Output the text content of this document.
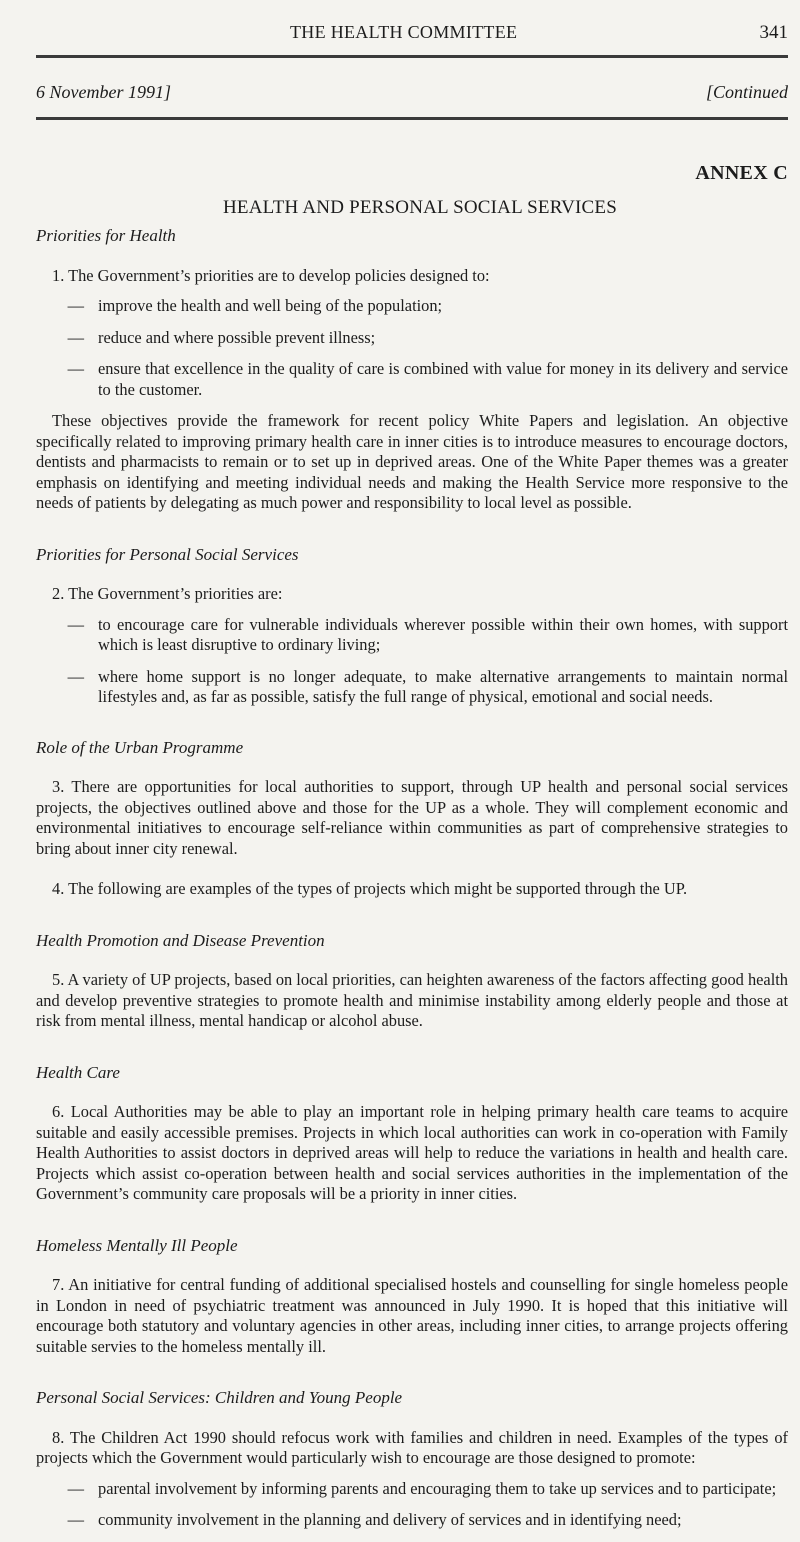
THE HEALTH COMMITTEE	341
6 November 1991]	[Continued
ANNEX C
HEALTH AND PERSONAL SOCIAL SERVICES
Priorities for Health

1. The Government’s priorities are to develop policies designed to:

— improve the health and well being of the population;
— reduce and where possible prevent illness;
— ensure that excellence in the quality of care is combined with value for money in its delivery and service to the customer.

These objectives provide the framework for recent policy White Papers and legislation. An objective specifically related to improving primary health care in inner cities is to introduce measures to encourage doctors, dentists and pharmacists to remain or to set up in deprived areas. One of the White Paper themes was a greater emphasis on identifying and meeting individual needs and making the Health Service more responsive to the needs of patients by delegating as much power and responsibility to local level as possible.

Priorities for Personal Social Services

2. The Government’s priorities are:

— to encourage care for vulnerable individuals wherever possible within their own homes, with support which is least disruptive to ordinary living;
— where home support is no longer adequate, to make alternative arrangements to maintain normal lifestyles and, as far as possible, satisfy the full range of physical, emotional and social needs.
Role of the Urban Programme

3. There are opportunities for local authorities to support, through UP health and personal social services projects, the objectives outlined above and those for the UP as a whole. They will complement economic and environmental initiatives to encourage self-reliance within communities as part of comprehensive strategies to bring about inner city renewal.

4. The following are examples of the types of projects which might be supported through the UP.

Health Promotion and Disease Prevention

5. A variety of UP projects, based on local priorities, can heighten awareness of the factors affecting good health and develop preventive strategies to promote health and minimise instability among elderly people and those at risk from mental illness, mental handicap or alcohol abuse.

Health Care

6. Local Authorities may be able to play an important role in helping primary health care teams to acquire suitable and easily accessible premises. Projects in which local authorities can work in co-operation with Family Health Authorities to assist doctors in deprived areas will help to reduce the variations in health and health care. Projects which assist co-operation between health and social services authorities in the implementation of the Government’s community care proposals will be a priority in inner cities.

Homeless Mentally Ill People

7. An initiative for central funding of additional specialised hostels and counselling for single homeless people in London in need of psychiatric treatment was announced in July 1990. It is hoped that this initiative will encourage both statutory and voluntary agencies in other areas, including inner cities, to arrange projects offering suitable servies to the homeless mentally ill.

Personal Social Services: Children and Young People

8. The Children Act 1990 should refocus work with families and children in need. Examples of the types of projects which the Government would particularly wish to encourage are those designed to promote:

— parental involvement by informing parents and encouraging them to take up services and to participate;
— community involvement in the planning and delivery of services and in identifying need;
